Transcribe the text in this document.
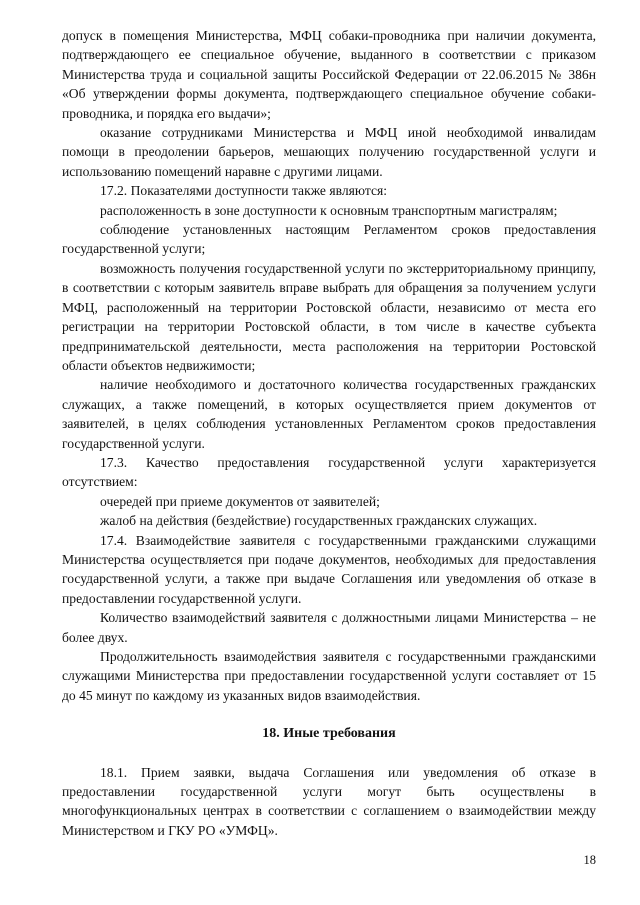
допуск в помещения Министерства, МФЦ собаки-проводника при наличии документа, подтверждающего ее специальное обучение, выданного в соответствии с приказом Министерства труда и социальной защиты Российской Федерации от 22.06.2015 № 386н «Об утверждении формы документа, подтверждающего специальное обучение собаки-проводника, и порядка его выдачи»;

оказание сотрудниками Министерства и МФЦ иной необходимой инвалидам помощи в преодолении барьеров, мешающих получению государственной услуги и использованию помещений наравне с другими лицами.

17.2. Показателями доступности также являются:

расположенность в зоне доступности к основным транспортным магистралям;

соблюдение установленных настоящим Регламентом сроков предоставления государственной услуги;

возможность получения государственной услуги по экстерриториальному принципу, в соответствии с которым заявитель вправе выбрать для обращения за получением услуги МФЦ, расположенный на территории Ростовской области, независимо от места его регистрации на территории Ростовской области, в том числе в качестве субъекта предпринимательской деятельности, места расположения на территории Ростовской области объектов недвижимости;

наличие необходимого и достаточного количества государственных гражданских служащих, а также помещений, в которых осуществляется прием документов от заявителей, в целях соблюдения установленных Регламентом сроков предоставления государственной услуги.

17.3. Качество предоставления государственной услуги характеризуется отсутствием:

очередей при приеме документов от заявителей;

жалоб на действия (бездействие) государственных гражданских служащих.

17.4. Взаимодействие заявителя с государственными гражданскими служащими Министерства осуществляется при подаче документов, необходимых для предоставления государственной услуги, а также при выдаче Соглашения или уведомления об отказе в предоставлении государственной услуги.

Количество взаимодействий заявителя с должностными лицами Министерства – не более двух.

Продолжительность взаимодействия заявителя с государственными гражданскими служащими Министерства при предоставлении государственной услуги составляет от 15 до 45 минут по каждому из указанных видов взаимодействия.

18. Иные требования

18.1. Прием заявки, выдача Соглашения или уведомления об отказе в предоставлении государственной услуги могут быть осуществлены в многофункциональных центрах в соответствии с соглашением о взаимодействии между Министерством и ГКУ РО «УМФЦ».

18
